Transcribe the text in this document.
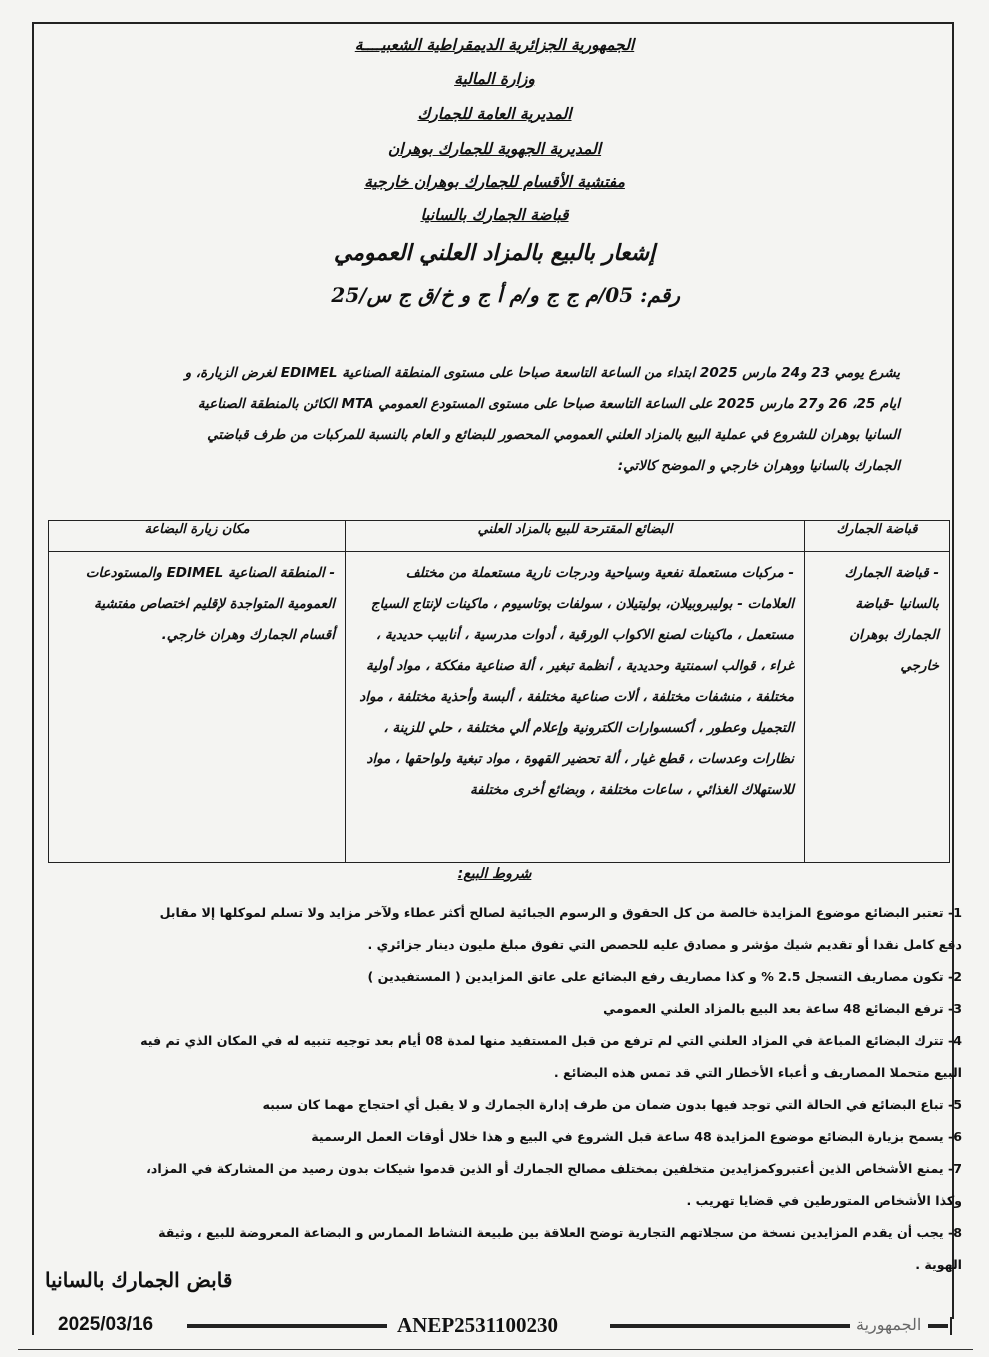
الجمهورية الجزائرية الديمقراطية الشعبيــــة
وزارة المالية
المديرية العامة للجمارك
المديرية الجهوية للجمارك بوهران
مفتشية الأقسام للجمارك بوهران خارجية
قباضة الجمارك بالسانيا
إشعار بالبيع بالمزاد العلني العمومي
رقم: 05/م ج ج و/م أ ج و خ/ق ج س/25
يشرع يومي 23 و24 مارس 2025 ابتداء من الساعة التاسعة صباحا على مستوى المنطقة الصناعية EDIMEL لغرض الزيارة، و ايام 25، 26 و27 مارس 2025 على الساعة التاسعة صباحا على مستوى المستودع العمومي MTA الكائن بالمنطقة الصناعية السانيا بوهران للشروع في عملية البيع بالمزاد العلني العمومي المحصور للبضائع و العام بالنسبة للمركبات من طرف قباضتي الجمارك بالسانيا ووهران خارجي و الموضح كالاتي:
قباضة الجمارك	البضائع المقترحة للبيع بالمزاد العلني	مكان زيارة البضاعة
- قباضة الجمارك بالسانيا -قباضة الجمارك بوهران خارجي	- مركبات مستعملة نفعية وسياحية ودرجات نارية مستعملة من مختلف العلامات - بوليبروبيلان، بوليتيلان ، سولفات بوتاسيوم ، ماكينات لإنتاج السياج مستعمل ، ماكينات لصنع الاكواب الورقية ، أدوات مدرسية ، أنابيب حديدية ، غراء ، قوالب اسمنتية وحديدية ، أنظمة تبغير ، ألة صناعية مفككة ، مواد أولية مختلفة ، منشفات مختلفة ، ألات صناعية مختلفة ، ألبسة وأحذية مختلفة ، مواد التجميل وعطور ، أكسسوارات الكترونية وإعلام ألي مختلفة ، حلي للزينة ، نظارات وعدسات ، قطع غيار ، ألة تحضير القهوة ، مواد تبغية ولواحقها ، مواد للاستهلاك الغذائي ، ساعات مختلفة ، وبضائع أخرى مختلفة	- المنطقة الصناعية EDIMEL والمستودعات العمومية المتواجدة لإقليم اختصاص مفتشية أقسام الجمارك وهران خارجي.
شروط البيع:

1- تعتبر البضائع موضوع المزايدة خالصة من كل الحقوق و الرسوم الجبائية لصالح أكثر عطاء ولآخر مزايد ولا تسلم لموكلها إلا مقابل دفع كامل نقدا أو تقديم شيك مؤشر و مصادق عليه للحصص التي تفوق مبلغ مليون دينار جزائري .

2- تكون مصاريف التسجل 2.5 % و كذا مصاريف رفع البضائع على عاتق المزايدين ( المستفيدين )

3- ترفع البضائع 48 ساعة بعد البيع بالمزاد العلني العمومي

4- تترك البضائع المباعة في المزاد العلني التي لم ترفع من قبل المستفيد منها لمدة 08 أيام بعد توجيه تنبيه له في المكان الذي تم فيه البيع متحملا المصاريف و أعباء الأخطار التي قد تمس هذه البضائع .

5- تباع البضائع في الحالة التي توجد فيها بدون ضمان من طرف إدارة الجمارك و لا يقبل أي احتجاج مهما كان سببه

6- يسمح بزيارة البضائع موضوع المزايدة 48 ساعة قبل الشروع في البيع و هذا خلال أوقات العمل الرسمية

7- يمنع الأشخاص الذين أعتبروكمزايدين متخلفين بمختلف مصالح الجمارك أو الذين قدموا شيكات بدون رصيد من المشاركة في المزاد، وكذا الأشخاص المتورطين في قضايا تهريب .

8- يجب أن يقدم المزايدين نسخة من سجلاتهم التجارية توضح العلاقة بين طبيعة النشاط الممارس و البضاعة المعروضة للبيع ، وثيقة الهوية .

قابض الجمارك بالسانيا
2025/03/16	ANEP2531100230	الجمهورية
